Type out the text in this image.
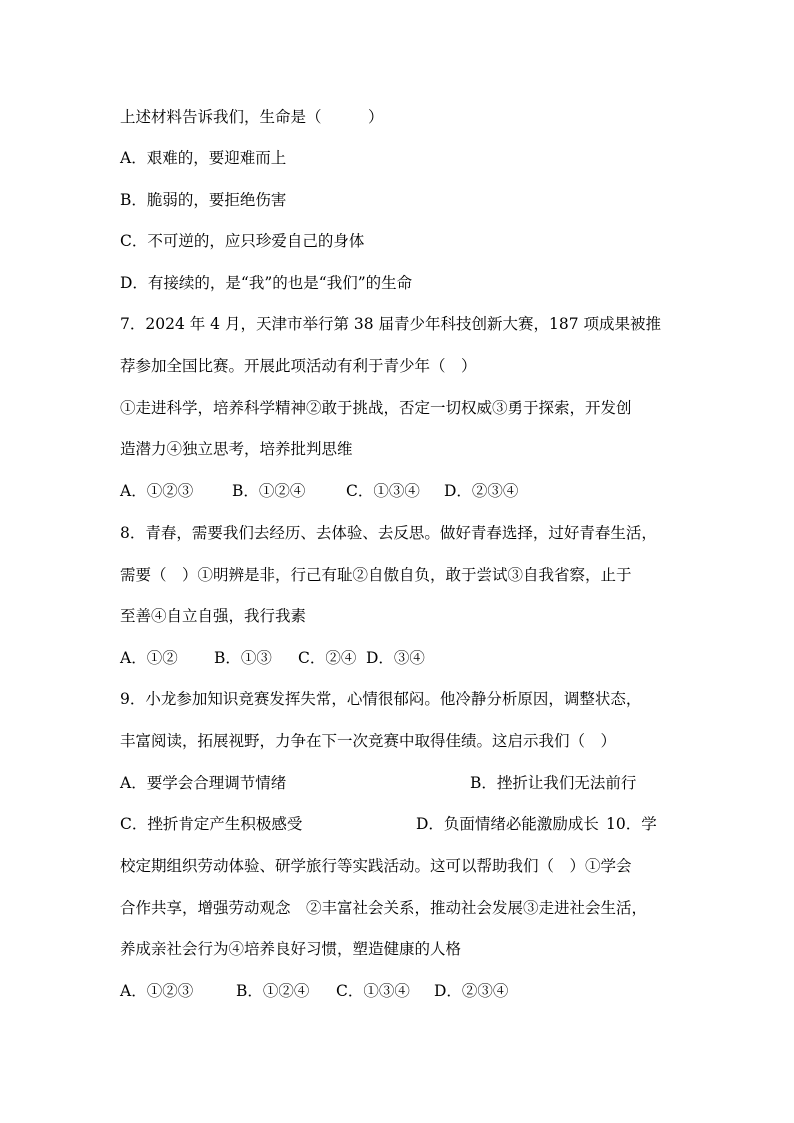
上述材料告诉我们，生命是（　　　）
A．艰难的，要迎难而上
B．脆弱的，要拒绝伤害
C．不可逆的，应只珍爱自己的身体
D．有接续的，是“我”的也是“我们”的生命
7．2024 年 4 月，天津市举行第 38 届青少年科技创新大赛，187 项成果被推
荐参加全国比赛。开展此项活动有利于青少年（　）
①走进科学，培养科学精神②敢于挑战，否定一切权威③勇于探索，开发创
造潜力④独立思考，培养批判思维
A．①②③	B．①②④	C．①③④ D．②③④
8．青春，需要我们去经历、去体验、去反思。做好青春选择，过好青春生活，
需要（　）①明辨是非，行己有耻②自傲自负，敢于尝试③自我省察，止于
至善④自立自强，我行我素
A．①② B．①③ C．②④ D．③④
9．小龙参加知识竞赛发挥失常，心情很郁闷。他冷静分析原因，调整状态，
丰富阅读，拓展视野，力争在下一次竞赛中取得佳绩。这启示我们（　）
A．要学会合理调节情绪	B．挫折让我们无法前行
C．挫折肯定产生积极感受	D．负面情绪必能激励成长 10．学
校定期组织劳动体验、研学旅行等实践活动。这可以帮助我们（　）①学会
合作共享，增强劳动观念　②丰富社会关系，推动社会发展③走进社会生活，
养成亲社会行为④培养良好习惯，塑造健康的人格
A．①②③	B．①②④ C．①③④ D．②③④
